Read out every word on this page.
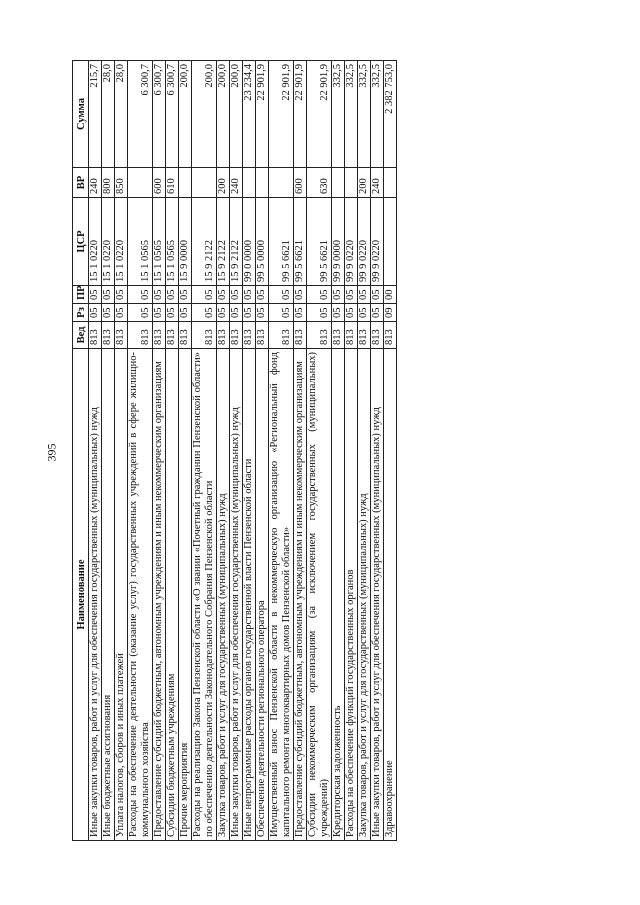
395
Наименование	Вед	Рз	ПР	ЦСР	ВР	Сумма
Иные закупки товаров, работ и услуг для обеспечения государственных (муниципальных) нужд	813	05	05	15 1 0220	240	215,7
Иные бюджетные ассигнования	813	05	05	15 1 0220	800	28,0
Уплата налогов, сборов и иных платежей	813	05	05	15 1 0220	850	28,0
Расходы на обеспечение деятельности (оказание услуг) государственных учреждений в сфере жилищно-коммунального хозяйства	813	05	05	15 1 0565		6 300,7
Предоставление субсидий бюджетным, автономным учреждениям и иным некоммерческим организациям	813	05	05	15 1 0565	600	6 300,7
Субсидии бюджетным учреждениям	813	05	05	15 1 0565	610	6 300,7
Прочие мероприятия	813	05	05	15 9 0000		200,0
Расходы на реализацию Закона Пензенской области «О звании «Почетный гражданин Пензенской области» по обеспечению деятельности Законодательного Собрания Пензенской области	813	05	05	15 9 2122		200,0
Закупка товаров, работ и услуг для государственных (муниципальных) нужд	813	05	05	15 9 2122	200	200,0
Иные закупки товаров, работ и услуг для обеспечения государственных (муниципальных) нужд	813	05	05	15 9 2122	240	200,0
Иные непрограммные расходы органов государственной власти Пензенской области	813	05	05	99 0 0000		23 234,4
Обеспечение деятельности регионального оператора	813	05	05	99 5 0000		22 901,9
Имущественный взнос Пензенской области в некоммерческую организацию «Региональный фонд капитального ремонта многоквартирных домов Пензенской области»	813	05	05	99 5 6621		22 901,9
Предоставление субсидий бюджетным, автономным учреждениям и иным некоммерческим организациям	813	05	05	99 5 6621	600	22 901,9
Субсидии некоммерческим организациям (за исключением государственных (муниципальных) учреждений)	813	05	05	99 5 6621	630	22 901,9
Кредиторская задолженность	813	05	05	99 9 0000		332,5
Расходы на обеспечение функций государственных органов	813	05	05	99 9 0220		332,5
Закупка товаров, работ и услуг для государственных (муниципальных) нужд	813	05	05	99 9 0220	200	332,5
Иные закупки товаров, работ и услуг для обеспечения государственных (муниципальных) нужд	813	05	05	99 9 0220	240	332,5
Здравоохранение	813	09	00			2 382 753,0
